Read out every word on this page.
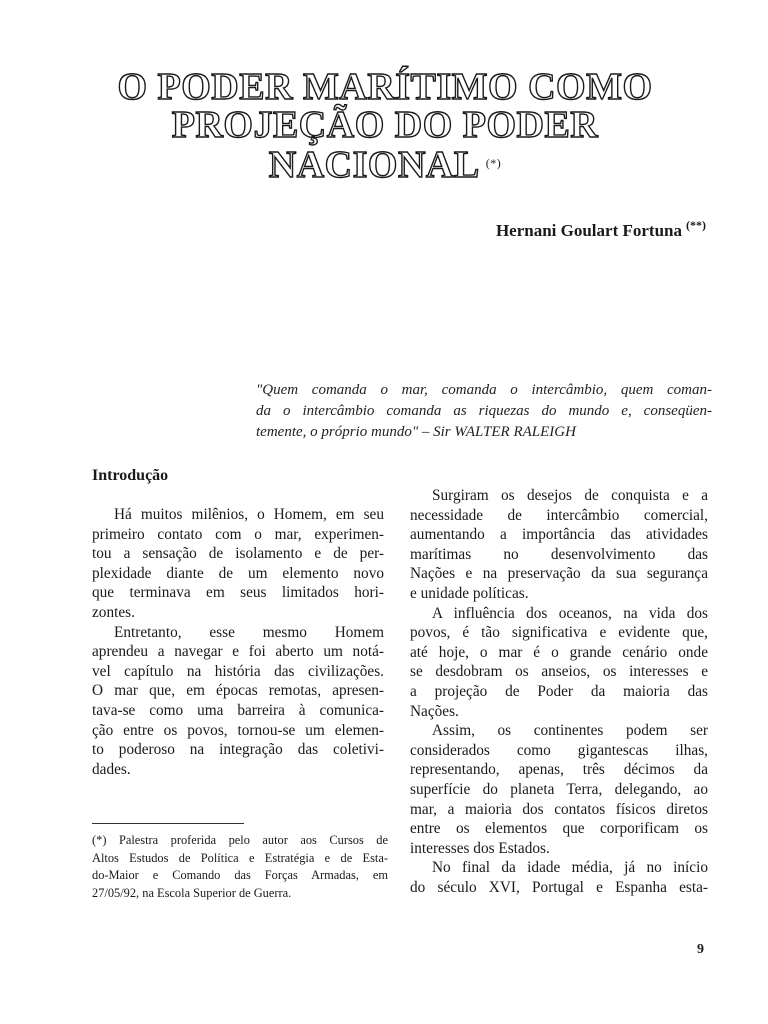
O PODER MARÍTIMO COMO
PROJEÇÃO DO PODER
NACIONAL (*)
Hernani Goulart Fortuna (**)
"Quem comanda o mar, comanda o intercâmbio, quem coman-
da o intercâmbio comanda as riquezas do mundo e, conseqüen-
temente, o próprio mundo" – Sir WALTER RALEIGH
Introdução
Há muitos milênios, o Homem, em seu
primeiro contato com o mar, experimen-
tou a sensação de isolamento e de per-
plexidade diante de um elemento novo
que terminava em seus limitados hori-
zontes.
Entretanto, esse mesmo Homem
aprendeu a navegar e foi aberto um notá-
vel capítulo na história das civilizações.
O mar que, em épocas remotas, apresen-
tava-se como uma barreira à comunica-
ção entre os povos, tornou-se um elemen-
to poderoso na integração das coletivi-
dades.
Surgiram os desejos de conquista e a
necessidade de intercâmbio comercial,
aumentando a importância das atividades
marítimas no desenvolvimento das
Nações e na preservação da sua segurança
e unidade políticas.
A influência dos oceanos, na vida dos
povos, é tão significativa e evidente que,
até hoje, o mar é o grande cenário onde
se desdobram os anseios, os interesses e
a projeção de Poder da maioria das
Nações.
Assim, os continentes podem ser
considerados como gigantescas ilhas,
representando, apenas, três décimos da
superfície do planeta Terra, delegando, ao
mar, a maioria dos contatos físicos diretos
entre os elementos que corporificam os
interesses dos Estados.
No final da idade média, já no início
do século XVI, Portugal e Espanha esta-
(*) Palestra proferida pelo autor aos Cursos de
Altos Estudos de Política e Estratégia e de Esta-
do-Maior e Comando das Forças Armadas, em
27/05/92, na Escola Superior de Guerra.
9
